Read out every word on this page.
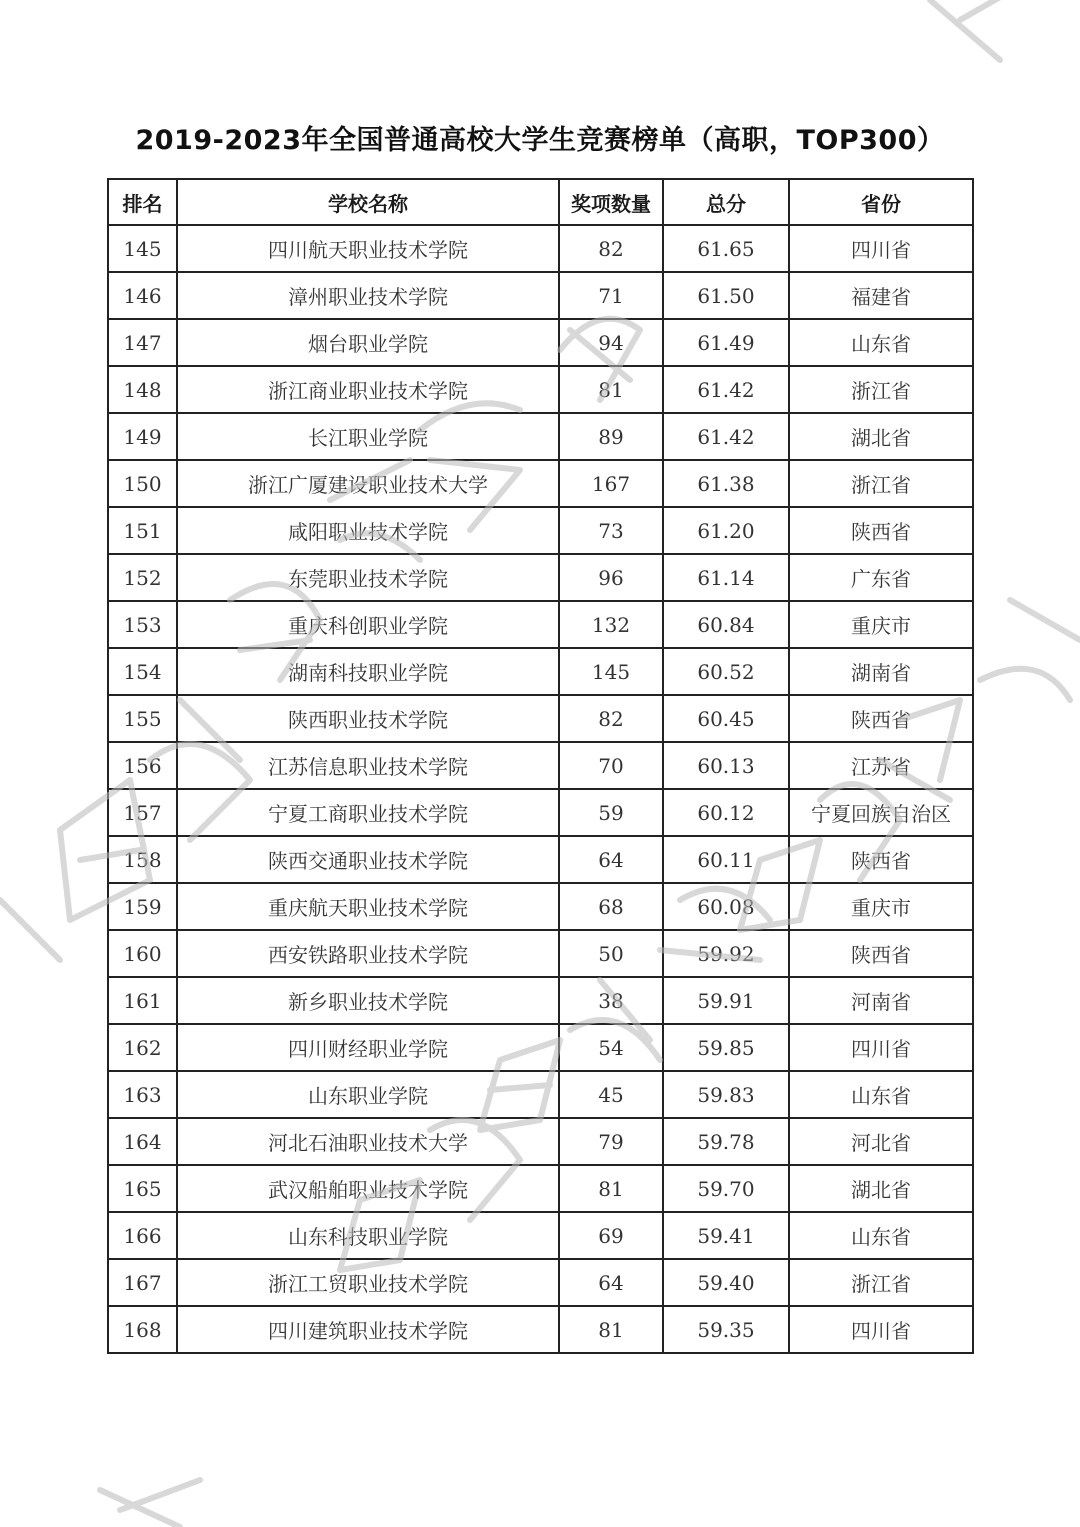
2019-2023年全国普通高校大学生竞赛榜单（高职，TOP300）
排名	学校名称	奖项数量	总分	省份
145	四川航天职业技术学院	82	61.65	四川省
146	漳州职业技术学院	71	61.50	福建省
147	烟台职业学院	94	61.49	山东省
148	浙江商业职业技术学院	81	61.42	浙江省
149	长江职业学院	89	61.42	湖北省
150	浙江广厦建设职业技术大学	167	61.38	浙江省
151	咸阳职业技术学院	73	61.20	陕西省
152	东莞职业技术学院	96	61.14	广东省
153	重庆科创职业学院	132	60.84	重庆市
154	湖南科技职业学院	145	60.52	湖南省
155	陕西职业技术学院	82	60.45	陕西省
156	江苏信息职业技术学院	70	60.13	江苏省
157	宁夏工商职业技术学院	59	60.12	宁夏回族自治区
158	陕西交通职业技术学院	64	60.11	陕西省
159	重庆航天职业技术学院	68	60.08	重庆市
160	西安铁路职业技术学院	50	59.92	陕西省
161	新乡职业技术学院	38	59.91	河南省
162	四川财经职业学院	54	59.85	四川省
163	山东职业学院	45	59.83	山东省
164	河北石油职业技术大学	79	59.78	河北省
165	武汉船舶职业技术学院	81	59.70	湖北省
166	山东科技职业学院	69	59.41	山东省
167	浙江工贸职业技术学院	64	59.40	浙江省
168	四川建筑职业技术学院	81	59.35	四川省
